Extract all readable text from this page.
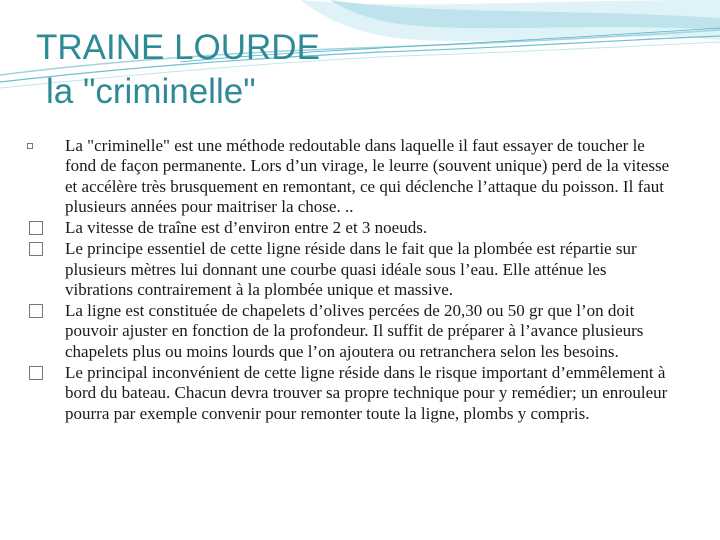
TRAINE LOURDE
la "criminelle"

La "criminelle" est une méthode redoutable dans laquelle il faut essayer de toucher le fond de façon permanente. Lors d’un virage, le leurre (souvent unique) perd de la vitesse et accélère très brusquement en remontant, ce qui déclenche l’attaque du poisson. Il faut plusieurs années pour maitriser la chose. ..

La vitesse de traîne est d’environ entre 2 et 3 noeuds.

Le principe essentiel de cette ligne réside dans le fait que la plombée est répartie sur plusieurs mètres lui donnant une courbe quasi idéale sous l’eau. Elle atténue les vibrations contrairement à la plombée unique et massive.

La ligne est constituée de chapelets d’olives percées de 20,30 ou 50 gr que l’on doit pouvoir ajuster en fonction de la profondeur. Il suffit de préparer à l’avance plusieurs chapelets plus ou moins lourds que l’on ajoutera ou retranchera selon les besoins.

Le principal inconvénient de cette ligne réside dans le risque important d’emmêlement à bord du bateau. Chacun devra trouver sa propre technique pour y remédier; un enrouleur pourra par exemple convenir pour remonter toute la ligne, plombs y compris.
